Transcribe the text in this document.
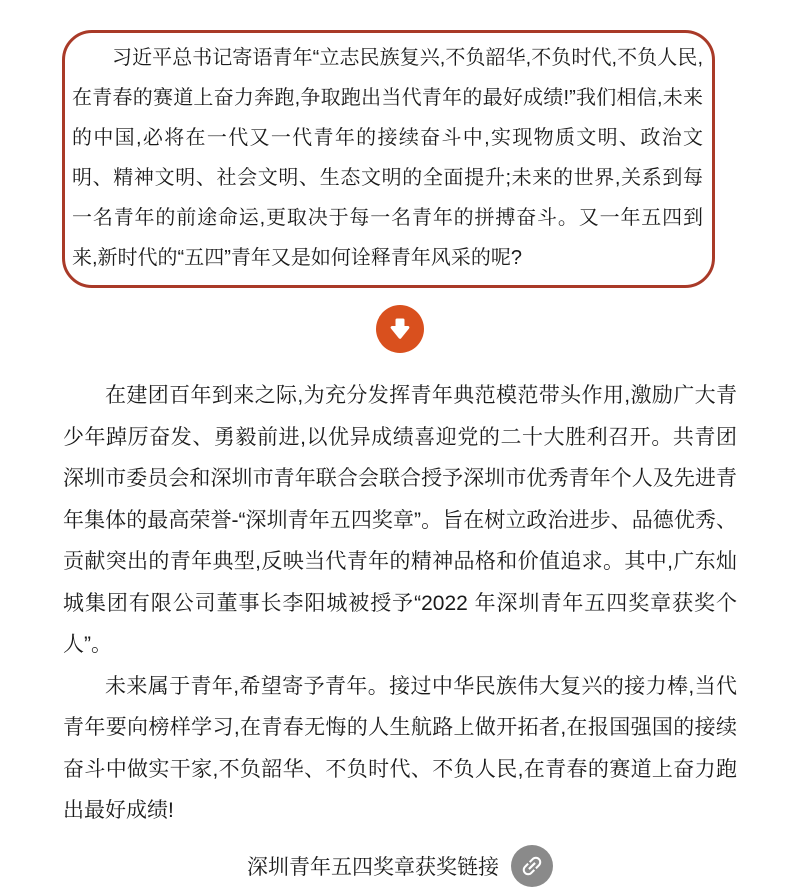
习近平总书记寄语青年“立志民族复兴,不负韶华,不负时代,不负人民,在青春的赛道上奋力奔跑,争取跑出当代青年的最好成绩!”我们相信,未来的中国,必将在一代又一代青年的接续奋斗中,实现物质文明、政治文明、精神文明、社会文明、生态文明的全面提升;未来的世界,关系到每一名青年的前途命运,更取决于每一名青年的拼搏奋斗。又一年五四到来,新时代的“五四”青年又是如何诠释青年风采的呢?

在建团百年到来之际,为充分发挥青年典范模范带头作用,激励广大青少年踔厉奋发、勇毅前进,以优异成绩喜迎党的二十大胜利召开。共青团深圳市委员会和深圳市青年联合会联合授予深圳市优秀青年个人及先进青年集体的最高荣誉-“深圳青年五四奖章”。旨在树立政治进步、品德优秀、贡献突出的青年典型,反映当代青年的精神品格和价值追求。其中,广东灿城集团有限公司董事长李阳城被授予“2022 年深圳青年五四奖章获奖个人”。

未来属于青年,希望寄予青年。接过中华民族伟大复兴的接力棒,当代青年要向榜样学习,在青春无悔的人生航路上做开拓者,在报国强国的接续奋斗中做实干家,不负韶华、不负时代、不负人民,在青春的赛道上奋力跑出最好成绩!

深圳青年五四奖章获奖链接
